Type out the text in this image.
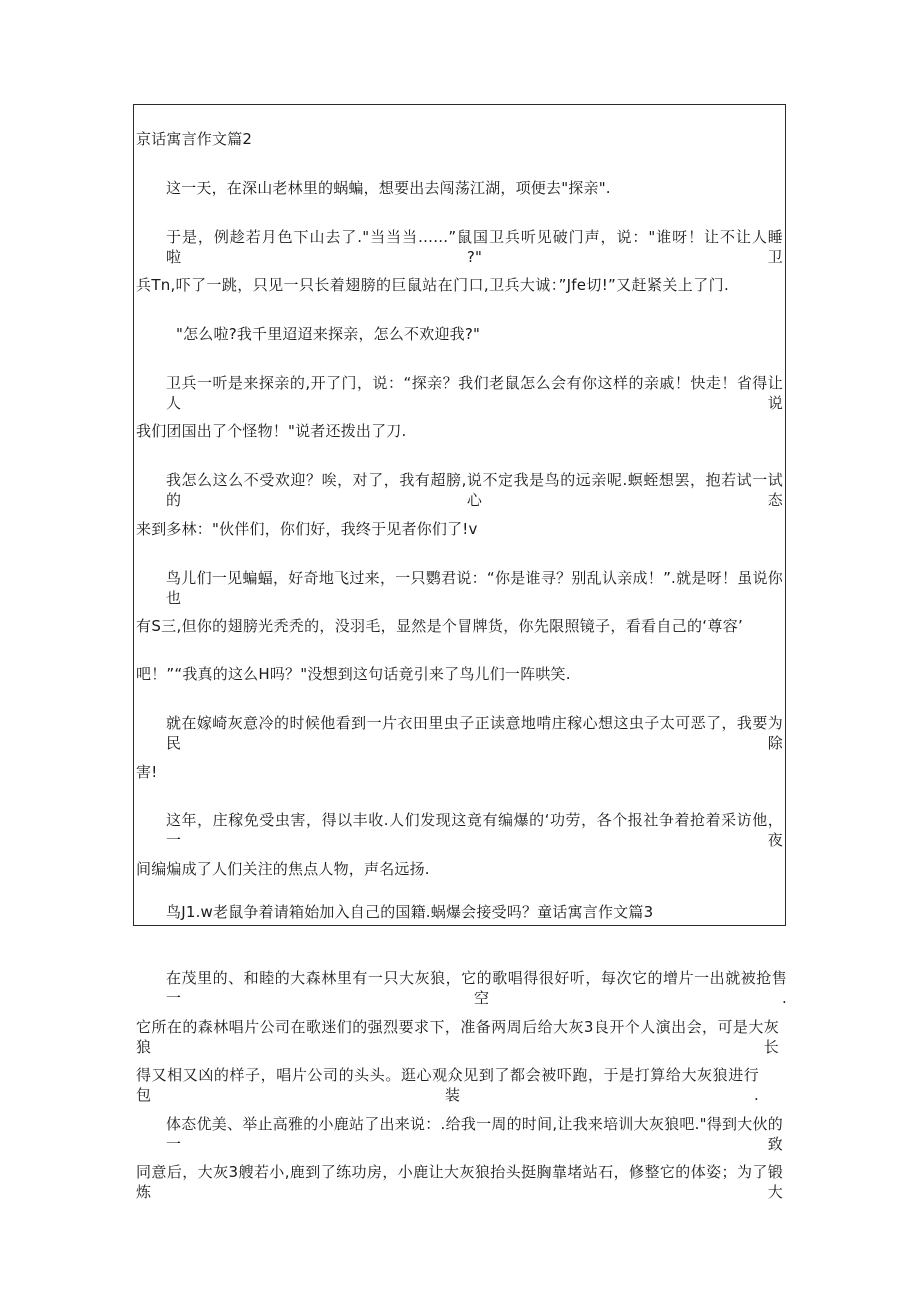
京话寓言作文篇2
这一天，在深山老林里的蜗蝙，想要出去闯荡江湖，项便去"探亲".
于是，例趁若月色下山去了."当当当……”鼠国卫兵听见破门声，说："谁呀！让不让人睡啦?"卫
兵Tn,吓了一跳，只见一只长着翅膀的巨鼠站在门口,卫兵大诚：”Jfe切!”又赶紧关上了门.
"怎么啦?我千里迢迢来探亲，怎么不欢迎我?"
卫兵一听是来探亲的,开了门，说：“探亲？我们老鼠怎么会有你这样的亲戚！快走！省得让人说
我们团国出了个怪物！"说者还拨出了刀.
我怎么这么不受欢迎？唉，对了，我有超膀,说不定我是鸟的远亲呢.螟蛭想罢，抱若试一试的心态
来到多林："伙伴们，你们好，我终于见者你们了!v
鸟儿们一见蝙蝠，好奇地飞过来，一只鹦君说：“你是谁寻？别乱认亲成！”.就是呀！虽说你也
有S三,但你的翅膀光秃秃的，没羽毛，显然是个冒牌货，你先限照镜子，看看自己的‘尊容’
吧！”“我真的这么H吗？"没想到这句话竟引来了鸟儿们一阵哄笑.
就在嫁崎灰意冷的时候他看到一片衣田里虫子正读意地啃庄稼心想这虫子太可恶了，我要为民除
害!
这年，庄稼免受虫害，得以丰收.人们发现这竟有编爆的‘功劳，各个报社争着抢着采访他，一夜
间编煸成了人们关注的焦点人物，声名远扬.
鸟J1.w老鼠争着请箱始加入自己的国籍.蜗爆会接受吗？童话寓言作文篇3
在茂里的、和睦的大森林里有一只大灰狼，它的歌唱得很好听，每次它的增片一出就被抢售一空.
它所在的森林唱片公司在歌迷们的强烈要求下，准备两周后给大灰3良开个人演出会，可是大灰狼长
得又相又凶的样子，唱片公司的头头。逛心观众见到了都会被吓跑，于是打算给大灰狼进行包装.
体态优美、举止高雅的小鹿站了出来说：.给我一周的时间,让我来培训大灰狼吧."得到大伙的一致
同意后，大灰3艘若小,鹿到了练功房，小鹿让大灰狼抬头挺胸靠堵站石，修整它的体姿；为了锻炼大
